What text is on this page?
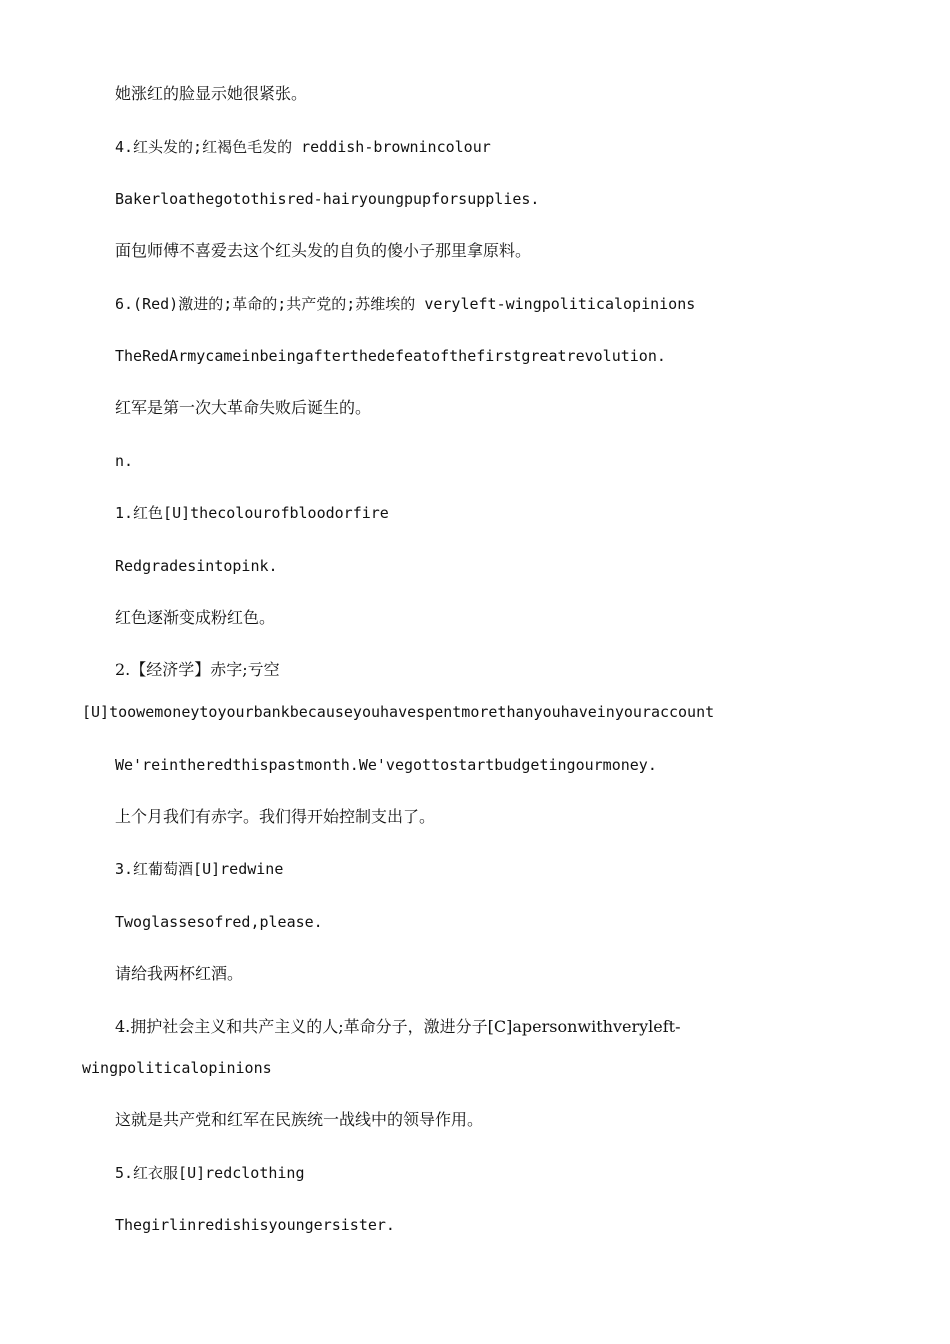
她涨红的脸显示她很紧张。
4.红头发的;红褐色毛发的 reddish-brownincolour
Bakerloathegotothisred-hairyoungpupforsupplies.
面包师傅不喜爱去这个红头发的自负的傻小子那里拿原料。
6.(Red)激进的;革命的;共产党的;苏维埃的 veryleft-wingpoliticalopinions
TheRedArmycameinbeingafterthedefeatofthefirstgreatrevolution.
红军是第一次大革命失败后诞生的。
n.
1.红色[U]thecolourofbloodorfire
Redgradesintopink.
红色逐渐变成粉红色。
2.【经济学】赤字;亏空
[U]toowemoneytoyourbankbecauseyouhavespentmorethanyouhaveinyouraccount
We'reintheredthispastmonth.We'vegottostartbudgetingourmoney.
上个月我们有赤字。我们得开始控制支出了。
3.红葡萄酒[U]redwine
Twoglassesofred,please.
请给我两杯红酒。
4.拥护社会主义和共产主义的人;革命分子，激进分子[C]apersonwithveryleft-
wingpoliticalopinions
这就是共产党和红军在民族统一战线中的领导作用。
5.红衣服[U]redclothing
Thegirlinredishisyoungersister.
